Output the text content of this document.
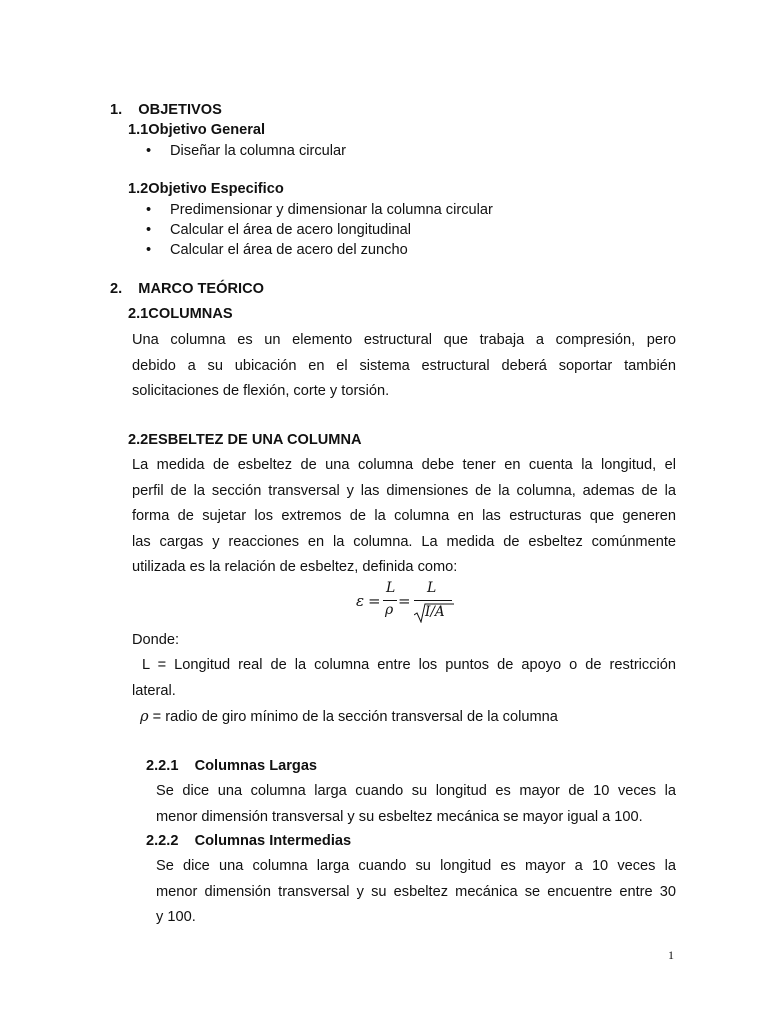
1. OBJETIVOS
1.1Objetivo General
• Diseñar la columna circular
1.2Objetivo Especifico
• Predimensionar y dimensionar la columna circular
• Calcular el área de acero longitudinal
• Calcular el área de acero del zuncho
2. MARCO TEÓRICO
2.1COLUMNAS
Una columna es un elemento estructural que trabaja a compresión, pero
debido a su ubicación en el sistema estructural deberá soportar también
solicitaciones de flexión, corte y torsión.
2.2ESBELTEZ DE UNA COLUMNA
La medida de esbeltez de una columna debe tener en cuenta la longitud, el
perfil de la sección transversal y las dimensiones de la columna, ademas de la
forma de sujetar los extremos de la columna en las estructuras que generen
las cargas y reacciones en la columna. La medida de esbeltez comúnmente
utilizada es la relación de esbeltez, definida como:
ε =
L
ρ =
L
I/A
Donde:
L = Longitud real de la columna entre los puntos de apoyo o de restricción
lateral.
ρ = radio de giro mínimo de la sección transversal de la columna
2.2.1 Columnas Largas
Se dice una columna larga cuando su longitud es mayor de 10 veces la
menor dimensión transversal y su esbeltez mecánica se mayor igual a 100.
2.2.2 Columnas Intermedias
Se dice una columna larga cuando su longitud es mayor a 10 veces la
menor dimensión transversal y su esbeltez mecánica se encuentre entre 30
y 100.
1
